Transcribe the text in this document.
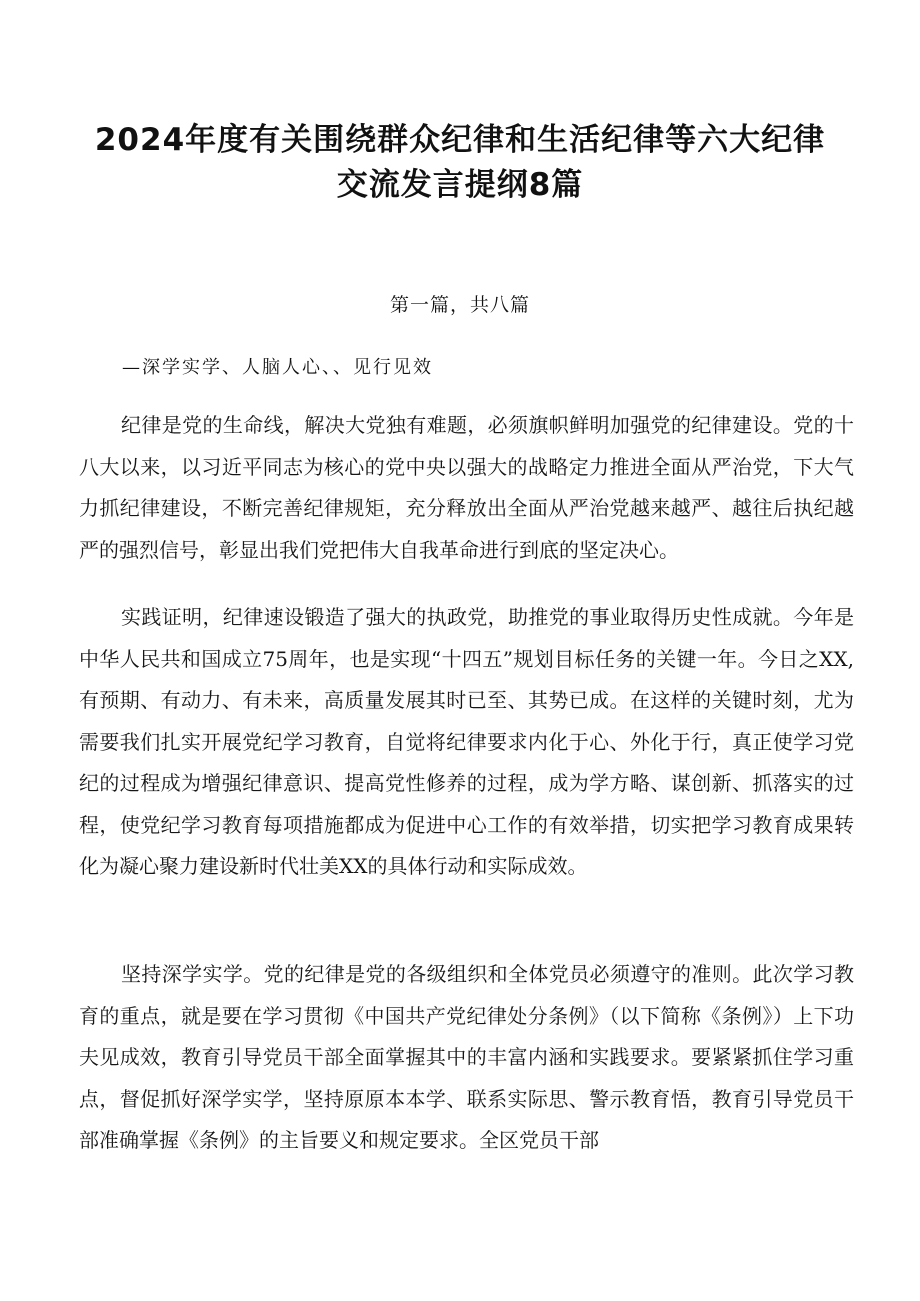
2024年度有关围绕群众纪律和生活纪律等六大纪律
交流发言提纲8篇
第一篇，共八篇
—深学实学、人脑人心、、见行见效

纪律是党的生命线，解决大党独有难题，必须旗帜鲜明加强党的纪律建设。党的十八大以来，以习近平同志为核心的党中央以强大的战略定力推进全面从严治党，下大气力抓纪律建设，不断完善纪律规矩，充分释放出全面从严治党越来越严、越往后执纪越严的强烈信号，彰显出我们党把伟大自我革命进行到底的坚定决心。

实践证明，纪律速设锻造了强大的执政党，助推党的事业取得历史性成就。今年是中华人民共和国成立75周年，也是实现“十四五”规划目标任务的关键一年。今日之XX,有预期、有动力、有未来，高质量发展其时已至、其势已成。在这样的关键时刻，尤为需要我们扎实开展党纪学习教育，自觉将纪律要求内化于心、外化于行，真正使学习党纪的过程成为增强纪律意识、提高党性修养的过程，成为学方略、谋创新、抓落实的过程，使党纪学习教育每项措施都成为促进中心工作的有效举措，切实把学习教育成果转化为凝心聚力建设新时代壮美XX的具体行动和实际成效。

坚持深学实学。党的纪律是党的各级组织和全体党员必须遵守的准则。此次学习教育的重点，就是要在学习贯彻《中国共产党纪律处分条例》（以下简称《条例》）上下功夫见成效，教育引导党员干部全面掌握其中的丰富内涵和实践要求。要紧紧抓住学习重点，督促抓好深学实学，坚持原原本本学、联系实际思、警示教育悟，教育引导党员干部准确掌握《条例》的主旨要义和规定要求。全区党员干部
